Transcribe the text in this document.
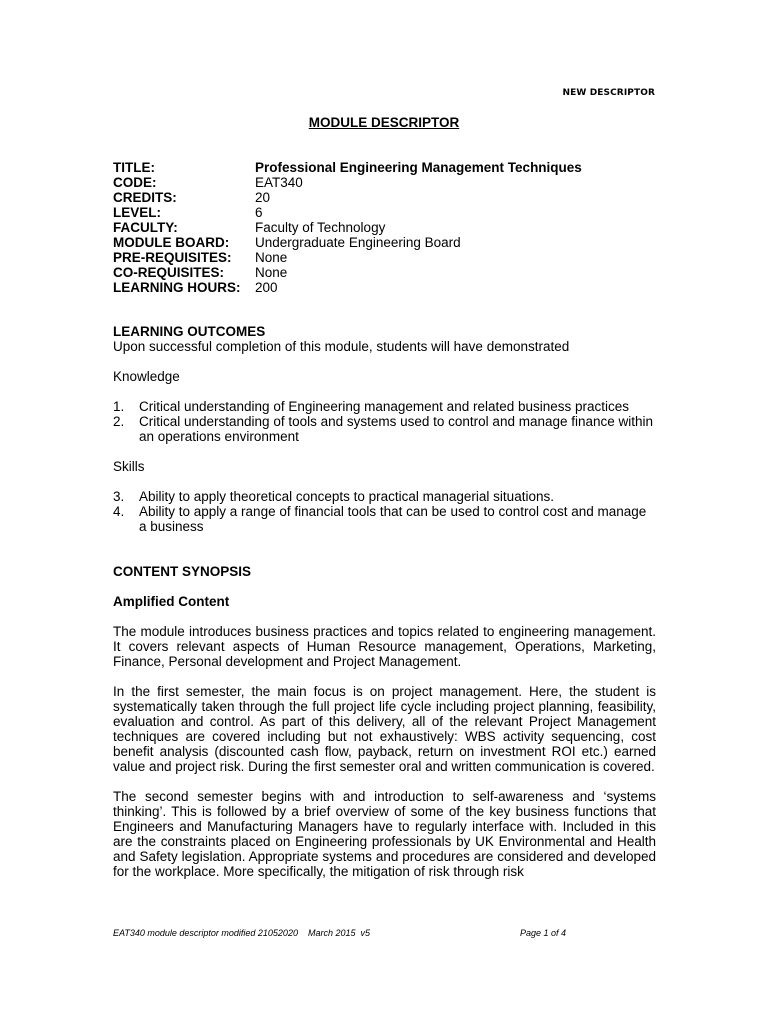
NEW DESCRIPTOR
MODULE DESCRIPTOR
TITLE:	Professional Engineering Management Techniques
CODE:	EAT340
CREDITS:	20
LEVEL:	6
FACULTY:	Faculty of Technology
MODULE BOARD:	Undergraduate Engineering Board
PRE-REQUISITES:	None
CO-REQUISITES:	None
LEARNING HOURS:	200

LEARNING OUTCOMES

Upon successful completion of this module, students will have demonstrated

Knowledge

1.	Critical understanding of Engineering management and related business practices
2.	Critical understanding of tools and systems used to control and manage finance within an operations environment

Skills

3.	Ability to apply theoretical concepts to practical managerial situations.
4.	Ability to apply a range of financial tools that can be used to control cost and manage a business

CONTENT SYNOPSIS

Amplified Content

The module introduces business practices and topics related to engineering management. It covers relevant aspects of Human Resource management, Operations, Marketing, Finance, Personal development and Project Management.

In the first semester, the main focus is on project management. Here, the student is systematically taken through the full project life cycle including project planning, feasibility, evaluation and control. As part of this delivery, all of the relevant Project Management techniques are covered including but not exhaustively: WBS activity sequencing, cost benefit analysis (discounted cash flow, payback, return on investment ROI etc.) earned value and project risk. During the first semester oral and written communication is covered.

The second semester begins with and introduction to self-awareness and ‘systems thinking’. This is followed by a brief overview of some of the key business functions that Engineers and Manufacturing Managers have to regularly interface with. Included in this are the constraints placed on Engineering professionals by UK Environmental and Health and Safety legislation. Appropriate systems and procedures are considered and developed for the workplace. More specifically, the mitigation of risk through risk

EAT340 module descriptor modified 21052020    March 2015  v5	Page 1 of 4
